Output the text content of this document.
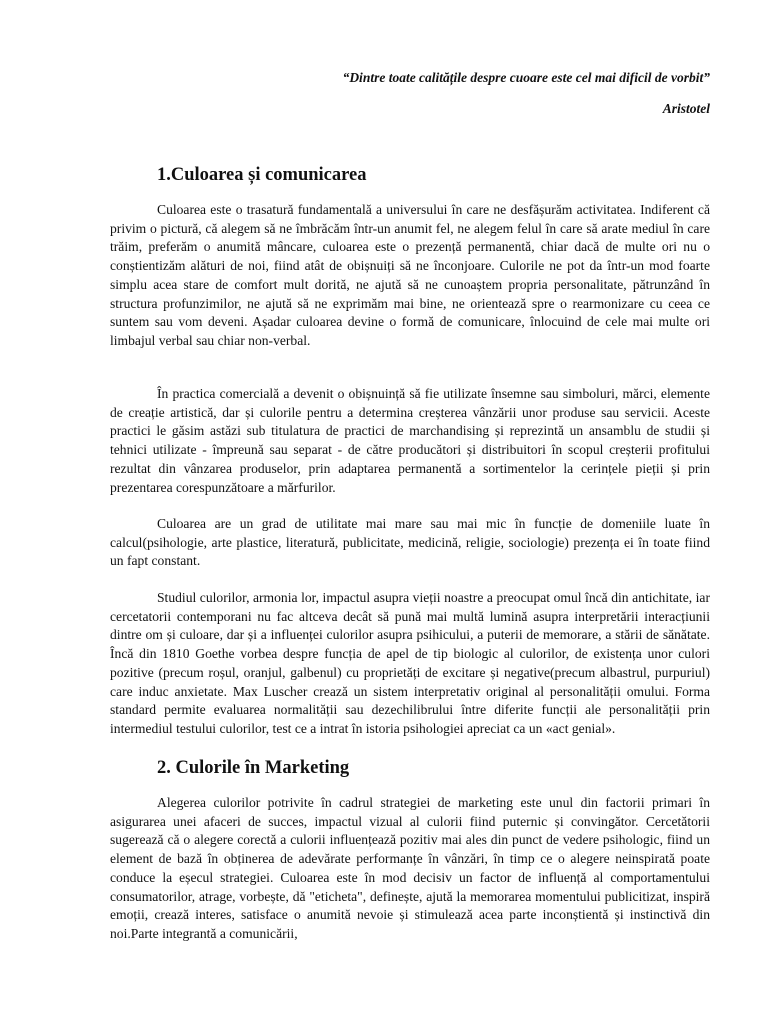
“Dintre toate calitățile despre cuoare este cel mai dificil de vorbit”
Aristotel
1.Culoarea și comunicarea

Culoarea este o trasatură fundamentală a universului în care ne desfășurăm activitatea. Indiferent că privim o pictură, că alegem să ne îmbrăcăm într-un anumit fel, ne alegem felul în care să arate mediul în care trăim, preferăm o anumită mâncare, culoarea este o prezență permanentă, chiar dacă de multe ori nu o conștientizăm alături de noi, fiind atât de obișnuiți să ne înconjoare. Culorile ne pot da într-un mod foarte simplu acea stare de comfort mult dorită, ne ajută să ne cunoaștem propria personalitate, pătrunzând în structura profunzimilor, ne ajută să ne exprimăm mai bine, ne orientează spre o rearmonizare cu ceea ce suntem sau vom deveni. Așadar culoarea devine o formă de comunicare, înlocuind de cele mai multe ori limbajul verbal sau chiar non-verbal.

În practica comercială a devenit o obișnuință să fie utilizate însemne sau simboluri, mărci, elemente de creație artistică, dar și culorile pentru a determina creșterea vânzării unor produse sau servicii. Aceste practici le găsim astăzi sub titulatura de practici de marchandising și reprezintă un ansamblu de studii și tehnici utilizate - împreună sau separat - de către producători și distribuitori în scopul creșterii profitului rezultat din vânzarea produselor, prin adaptarea permanentă a sortimentelor la cerințele pieții și prin prezentarea corespunzătoare a mărfurilor.

Culoarea are un grad de utilitate mai mare sau mai mic în funcție de domeniile luate în calcul(psihologie, arte plastice, literatură, publicitate, medicină, religie, sociologie) prezența ei în toate fiind un fapt constant.

Studiul culorilor, armonia lor, impactul asupra vieții noastre a preocupat omul încă din antichitate, iar cercetatorii contemporani nu fac altceva decât să pună mai multă lumină asupra interpretării interacțiunii dintre om și culoare, dar și a influenței culorilor asupra psihicului, a puterii de memorare, a stării de sănătate. Încă din 1810 Goethe vorbea despre funcția de apel de tip biologic al culorilor, de existența unor culori pozitive (precum roșul, oranjul, galbenul) cu proprietăți de excitare și negative(precum albastrul, purpuriul) care induc anxietate. Max Luscher crează un sistem interpretativ original al personalității omului. Forma standard permite evaluarea normalității sau dezechilibrului între diferite funcții ale personalității prin intermediul testului culorilor, test ce a intrat în istoria psihologiei apreciat ca un «act genial».

2. Culorile în Marketing

Alegerea culorilor potrivite în cadrul strategiei de marketing este unul din factorii primari în asigurarea unei afaceri de succes, impactul vizual al culorii fiind puternic și convingător. Cercetătorii sugerează că o alegere corectă a culorii influențează pozitiv mai ales din punct de vedere psihologic, fiind un element de bază în obținerea de adevărate performanțe în vânzări, în timp ce o alegere neinspirată poate conduce la eșecul strategiei. Culoarea este în mod decisiv un factor de influență al comportamentului consumatorilor, atrage, vorbește, dă "eticheta", definește, ajută la memorarea momentului publicitizat, inspiră emoții, crează interes, satisface o anumită nevoie și stimulează acea parte inconștientă și instinctivă din noi.Parte integrantă a comunicării,
